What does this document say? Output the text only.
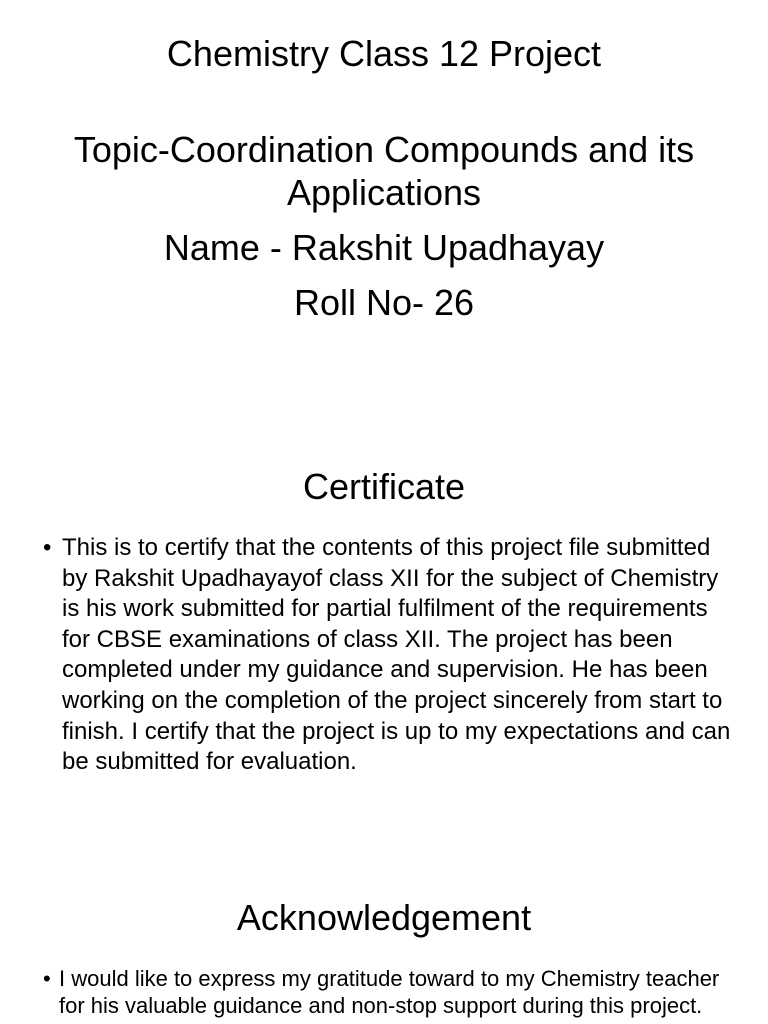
Chemistry Class 12 Project
Topic-Coordination Compounds and its Applications
Name - Rakshit Upadhayay
Roll No- 26
Certificate

• This is to certify that the contents of this project file submitted by Rakshit Upadhayayof class XII for the subject of Chemistry is his work submitted for partial fulfilment of the requirements for CBSE examinations of class XII. The project has been completed under my guidance and supervision. He has been working on the completion of the project sincerely from start to finish. I certify that the project is up to my expectations and can be submitted for evaluation.

Acknowledgement

• I would like to express my gratitude toward to my Chemistry teacher for his valuable guidance and non-stop support during this project.
